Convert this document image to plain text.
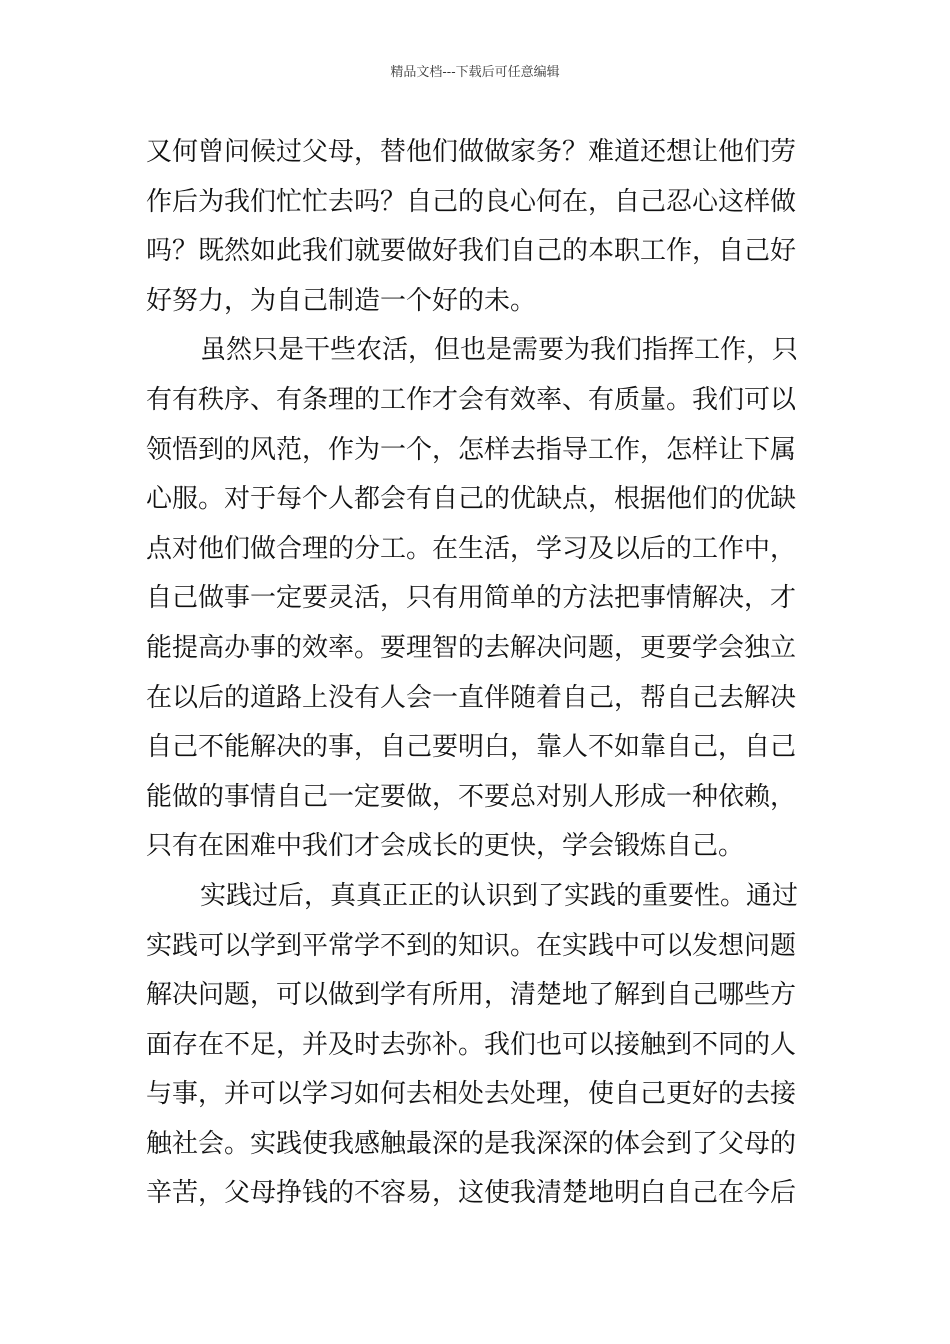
精品文档---下载后可任意编辑
又何曾问候过父母，替他们做做家务？难道还想让他们劳
作后为我们忙忙去吗？自己的良心何在，自己忍心这样做
吗？既然如此我们就要做好我们自己的本职工作，自己好
好努力，为自己制造一个好的未。
虽然只是干些农活，但也是需要为我们指挥工作，只
有有秩序、有条理的工作才会有效率、有质量。我们可以
领悟到的风范，作为一个，怎样去指导工作，怎样让下属
心服。对于每个人都会有自己的优缺点，根据他们的优缺
点对他们做合理的分工。在生活，学习及以后的工作中，
自己做事一定要灵活，只有用简单的方法把事情解决，才
能提高办事的效率。要理智的去解决问题，更要学会独立
在以后的道路上没有人会一直伴随着自己，帮自己去解决
自己不能解决的事，自己要明白，靠人不如靠自己，自己
能做的事情自己一定要做，不要总对别人形成一种依赖，
只有在困难中我们才会成长的更快，学会锻炼自己。
实践过后，真真正正的认识到了实践的重要性。通过
实践可以学到平常学不到的知识。在实践中可以发想问题
解决问题，可以做到学有所用，清楚地了解到自己哪些方
面存在不足，并及时去弥补。我们也可以接触到不同的人
与事，并可以学习如何去相处去处理，使自己更好的去接
触社会。实践使我感触最深的是我深深的体会到了父母的
辛苦，父母挣钱的不容易，这使我清楚地明白自己在今后
